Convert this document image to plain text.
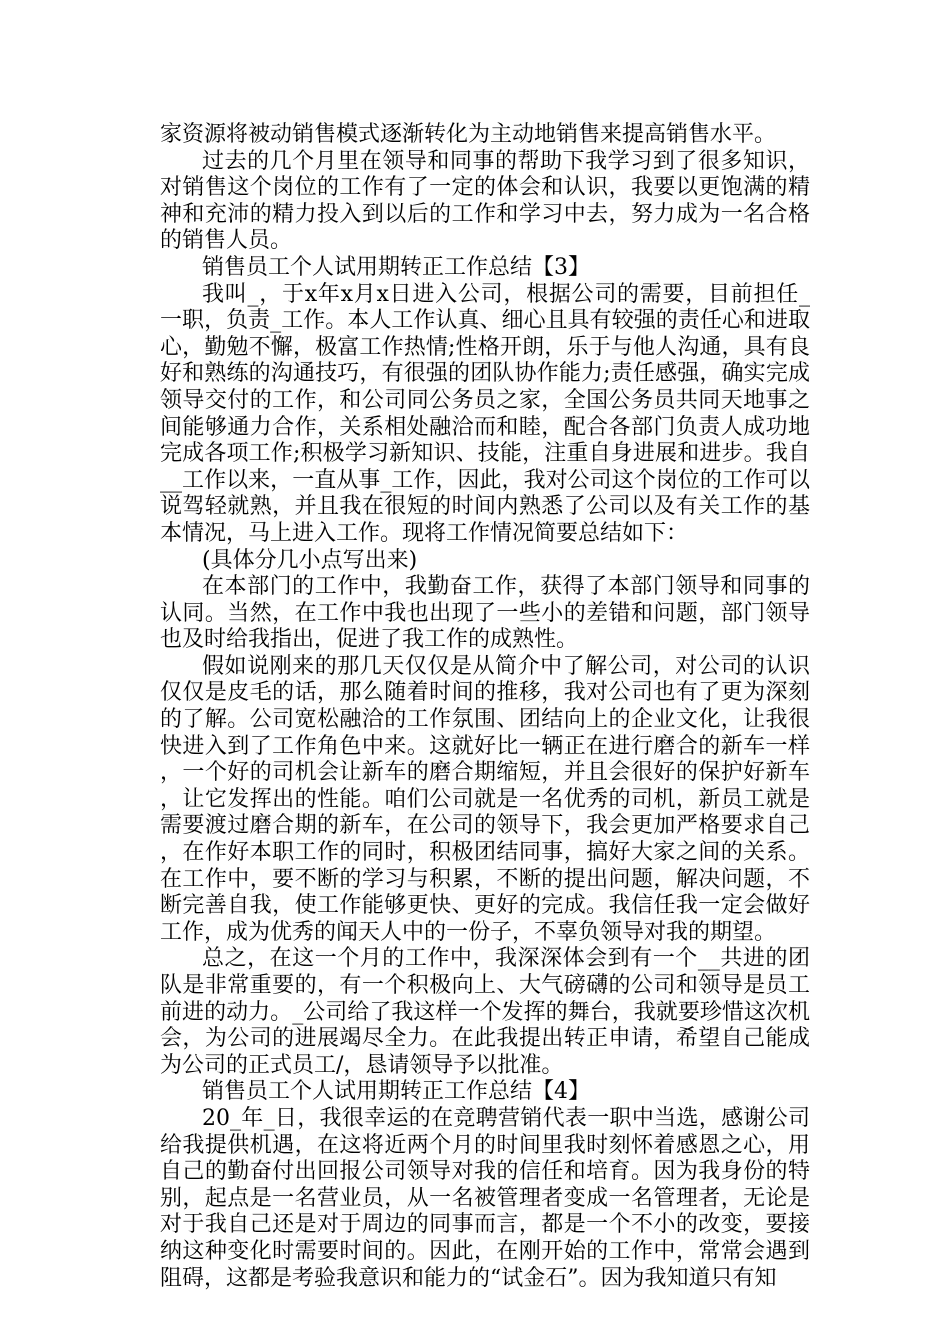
家资源将被动销售模式逐渐转化为主动地销售来提高销售水平。

过去的几个月里在领导和同事的帮助下我学习到了很多知识，对销售这个岗位的工作有了一定的体会和认识，我要以更饱满的精神和充沛的精力投入到以后的工作和学习中去，努力成为一名合格的销售人员。

销售员工个人试用期转正工作总结【3】

我叫_，于x年x月x日进入公司，根据公司的需要，目前担任_一职，负责_工作。本人工作认真、细心且具有较强的责任心和进取心，勤勉不懈，极富工作热情;性格开朗，乐于与他人沟通，具有良好和熟练的沟通技巧，有很强的团队协作能力;责任感强，确实完成领导交付的工作，和公司同公务员之家，全国公务员共同天地事之间能够通力合作，关系相处融洽而和睦，配合各部门负责人成功地完成各项工作;积极学习新知识、技能，注重自身进展和进步。我自__工作以来，一直从事_工作，因此，我对公司这个岗位的工作可以说驾轻就熟，并且我在很短的时间内熟悉了公司以及有关工作的基本情况，马上进入工作。现将工作情况简要总结如下：

(具体分几小点写出来)

在本部门的工作中，我勤奋工作，获得了本部门领导和同事的认同。当然，在工作中我也出现了一些小的差错和问题，部门领导也及时给我指出，促进了我工作的成熟性。

假如说刚来的那几天仅仅是从简介中了解公司，对公司的认识仅仅是皮毛的话，那么随着时间的推移，我对公司也有了更为深刻的了解。公司宽松融洽的工作氛围、团结向上的企业文化，让我很快进入到了工作角色中来。这就好比一辆正在进行磨合的新车一样，一个好的司机会让新车的磨合期缩短，并且会很好的保护好新车，让它发挥出的性能。咱们公司就是一名优秀的司机，新员工就是需要渡过磨合期的新车，在公司的领导下，我会更加严格要求自己，在作好本职工作的同时，积极团结同事，搞好大家之间的关系。在工作中，要不断的学习与积累，不断的提出问题，解决问题，不断完善自我，使工作能够更快、更好的完成。我信任我一定会做好工作，成为优秀的闻天人中的一份子，不辜负领导对我的期望。

总之，在这一个月的工作中，我深深体会到有一个__共进的团队是非常重要的，有一个积极向上、大气磅礴的公司和领导是员工前进的动力。_公司给了我这样一个发挥的舞台，我就要珍惜这次机会，为公司的进展竭尽全力。在此我提出转正申请，希望自己能成为公司的正式员工/，恳请领导予以批准。

销售员工个人试用期转正工作总结【4】

20_年_日，我很幸运的在竞聘营销代表一职中当选，感谢公司给我提供机遇，在这将近两个月的时间里我时刻怀着感恩之心，用自己的勤奋付出回报公司领导对我的信任和培育。因为我身份的特别，起点是一名营业员，从一名被管理者变成一名管理者，无论是对于我自己还是对于周边的同事而言，都是一个不小的改变，要接纳这种变化时需要时间的。因此，在刚开始的工作中，常常会遇到阻碍，这都是考验我意识和能力的“试金石”。因为我知道只有知
